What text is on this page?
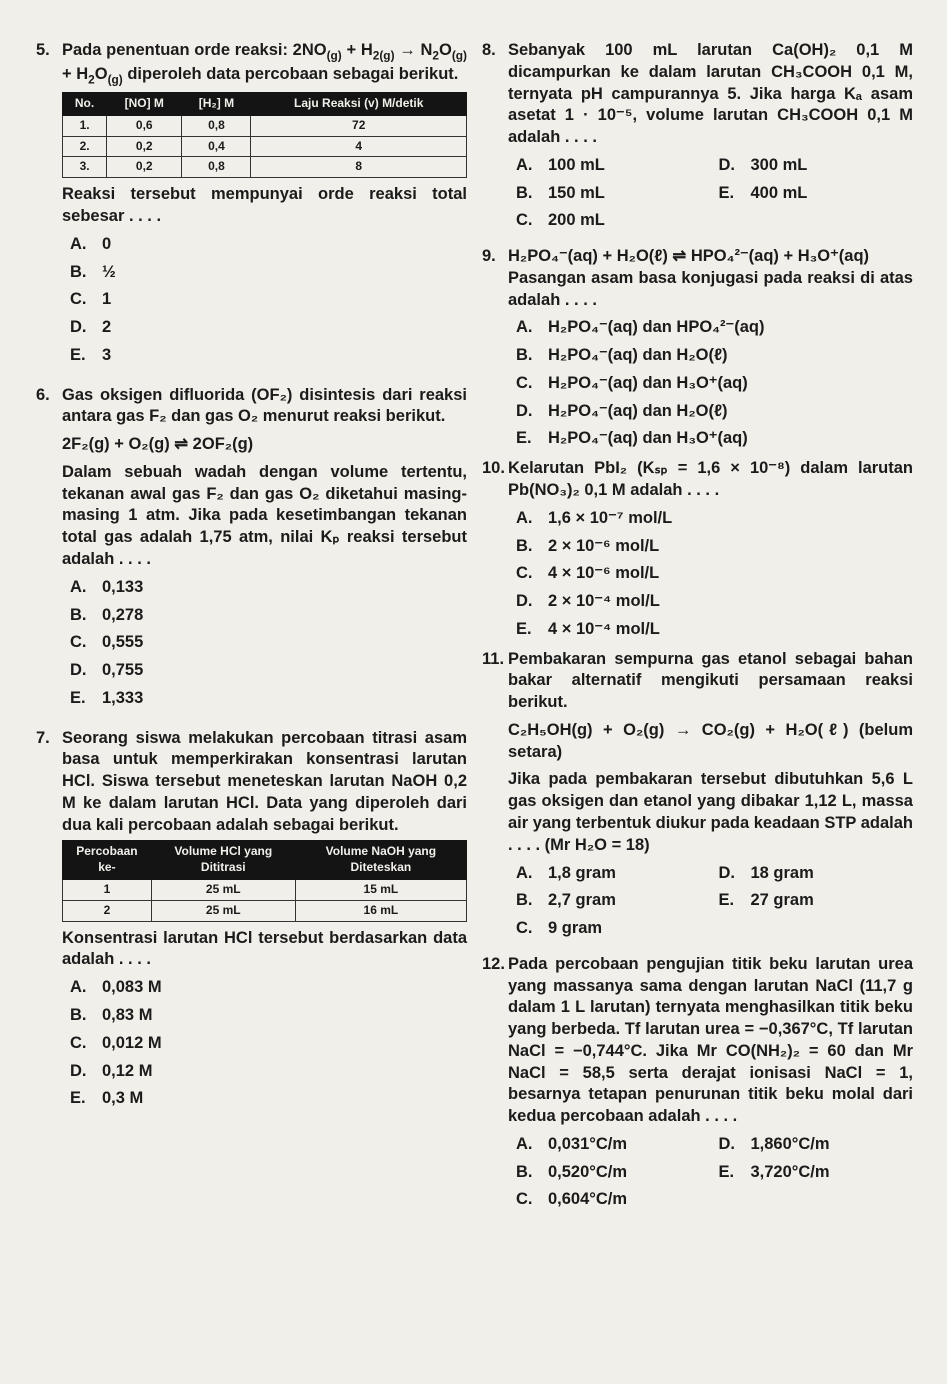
5. Pada penentuan orde reaksi: $2NO_{(g)} + H_{2(g)} \to N_2O_{(g)} + H_2O_{(g)}$ diperoleh data percobaan sebagai berikut.
No.	[NO] M	[H₂] M	Laju Reaksi (v) M/detik
1.	0,6	0,8	72
2.	0,2	0,4	4
3.	0,2	0,8	8
Reaksi tersebut mempunyai orde reaksi total sebesar . . . .
A. 0
B. ½
C. 1
D. 2
E. 3
6. Gas oksigen difluorida (OF₂) disintesis dari reaksi antara gas F₂ dan gas O₂ menurut reaksi berikut.
2F₂(g) + O₂(g) ⇌ 2OF₂(g)
Dalam sebuah wadah dengan volume tertentu, tekanan awal gas F₂ dan gas O₂ diketahui masing-masing 1 atm. Jika pada kesetimbangan tekanan total gas adalah 1,75 atm, nilai Kₚ reaksi tersebut adalah . . . .
A. 0,133
B. 0,278
C. 0,555
D. 0,755
E. 1,333
7. Seorang siswa melakukan percobaan titrasi asam basa untuk memperkirakan konsentrasi larutan HCl. Siswa tersebut meneteskan larutan NaOH 0,2 M ke dalam larutan HCl. Data yang diperoleh dari dua kali percobaan adalah sebagai berikut.
Percobaan ke-	Volume HCl yang Dititrasi	Volume NaOH yang Diteteskan
1	25 mL	15 mL
2	25 mL	16 mL
Konsentrasi larutan HCl tersebut berdasarkan data adalah . . . .
A. 0,083 M
B. 0,83 M
C. 0,012 M
D. 0,12 M
E. 0,3 M
8. Sebanyak 100 mL larutan Ca(OH)₂ 0,1 M dicampurkan ke dalam larutan CH₃COOH 0,1 M, ternyata pH campurannya 5. Jika harga Kₐ asam asetat 1 · 10⁻⁵, volume larutan CH₃COOH 0,1 M adalah . . . .
A. 100 mL
B. 150 mL
C. 200 mL
D. 300 mL
E. 400 mL
9. H₂PO₄⁻(aq) + H₂O(ℓ) ⇌ HPO₄²⁻(aq) + H₃O⁺(aq)
Pasangan asam basa konjugasi pada reaksi di atas adalah . . . .
A. H₂PO₄⁻(aq) dan HPO₄²⁻(aq)
B. H₂PO₄⁻(aq) dan H₂O(ℓ)
C. H₂PO₄⁻(aq) dan H₃O⁺(aq)
D. H₂PO₄⁻(aq) dan H₂O(ℓ)
E. H₂PO₄⁻(aq) dan H₃O⁺(aq)
10. Kelarutan PbI₂ (Kₛₚ = 1,6 × 10⁻⁸) dalam larutan Pb(NO₃)₂ 0,1 M adalah . . . .
A. 1,6 × 10⁻⁷ mol/L
B. 2 × 10⁻⁶ mol/L
C. 4 × 10⁻⁶ mol/L
D. 2 × 10⁻⁴ mol/L
E. 4 × 10⁻⁴ mol/L
11. Pembakaran sempurna gas etanol sebagai bahan bakar alternatif mengikuti persamaan reaksi berikut.
C₂H₅OH(g) + O₂(g) → CO₂(g) + H₂O(ℓ) (belum setara)
Jika pada pembakaran tersebut dibutuhkan 5,6 L gas oksigen dan etanol yang dibakar 1,12 L, massa air yang terbentuk diukur pada keadaan STP adalah . . . . (Mr H₂O = 18)
A. 1,8 gram
B. 2,7 gram
C. 9 gram
D. 18 gram
E. 27 gram
12. Pada percobaan pengujian titik beku larutan urea yang massanya sama dengan larutan NaCl (11,7 g dalam 1 L larutan) ternyata menghasilkan titik beku yang berbeda. Tf larutan urea = −0,367°C, Tf larutan NaCl = −0,744°C. Jika Mr CO(NH₂)₂ = 60 dan Mr NaCl = 58,5 serta derajat ionisasi NaCl = 1, besarnya tetapan penurunan titik beku molal dari kedua percobaan adalah . . . .
A. 0,031°C/m
B. 0,520°C/m
C. 0,604°C/m
D. 1,860°C/m
E. 3,720°C/m
